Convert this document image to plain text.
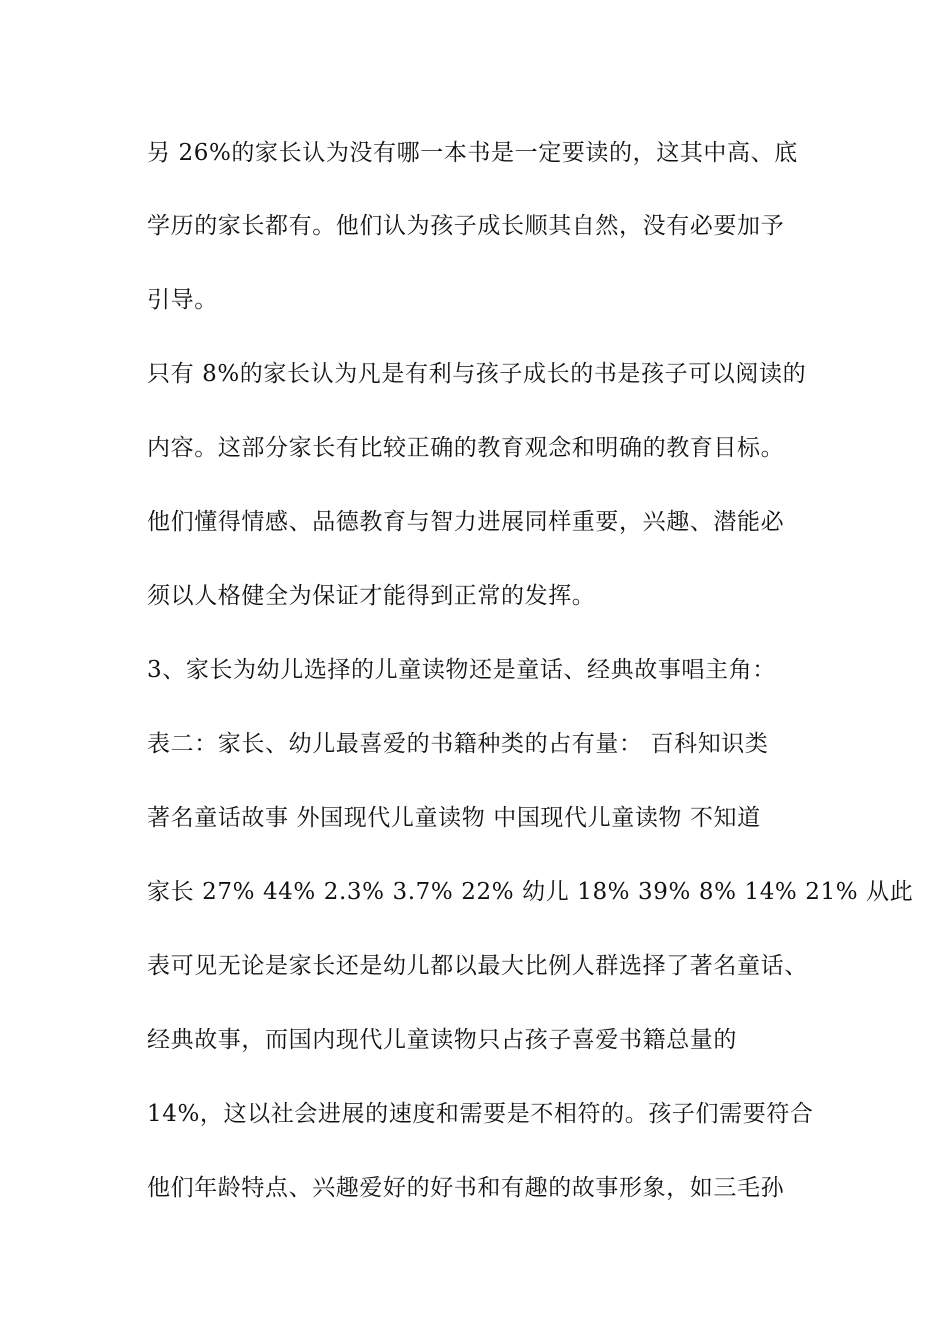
另 26%的家长认为没有哪一本书是一定要读的，这其中高、底
学历的家长都有。他们认为孩子成长顺其自然，没有必要加予
引导。
只有 8%的家长认为凡是有利与孩子成长的书是孩子可以阅读的
内容。这部分家长有比较正确的教育观念和明确的教育目标。
他们懂得情感、品德教育与智力进展同样重要，兴趣、潜能必
须以人格健全为保证才能得到正常的发挥。
3、家长为幼儿选择的儿童读物还是童话、经典故事唱主角：
表二：家长、幼儿最喜爱的书籍种类的占有量： 百科知识类
著名童话故事 外国现代儿童读物 中国现代儿童读物 不知道
家长 27% 44% 2.3% 3.7% 22% 幼儿 18% 39% 8% 14% 21% 从此
表可见无论是家长还是幼儿都以最大比例人群选择了著名童话、
经典故事，而国内现代儿童读物只占孩子喜爱书籍总量的
14%，这以社会进展的速度和需要是不相符的。孩子们需要符合
他们年龄特点、兴趣爱好的好书和有趣的故事形象，如三毛孙
